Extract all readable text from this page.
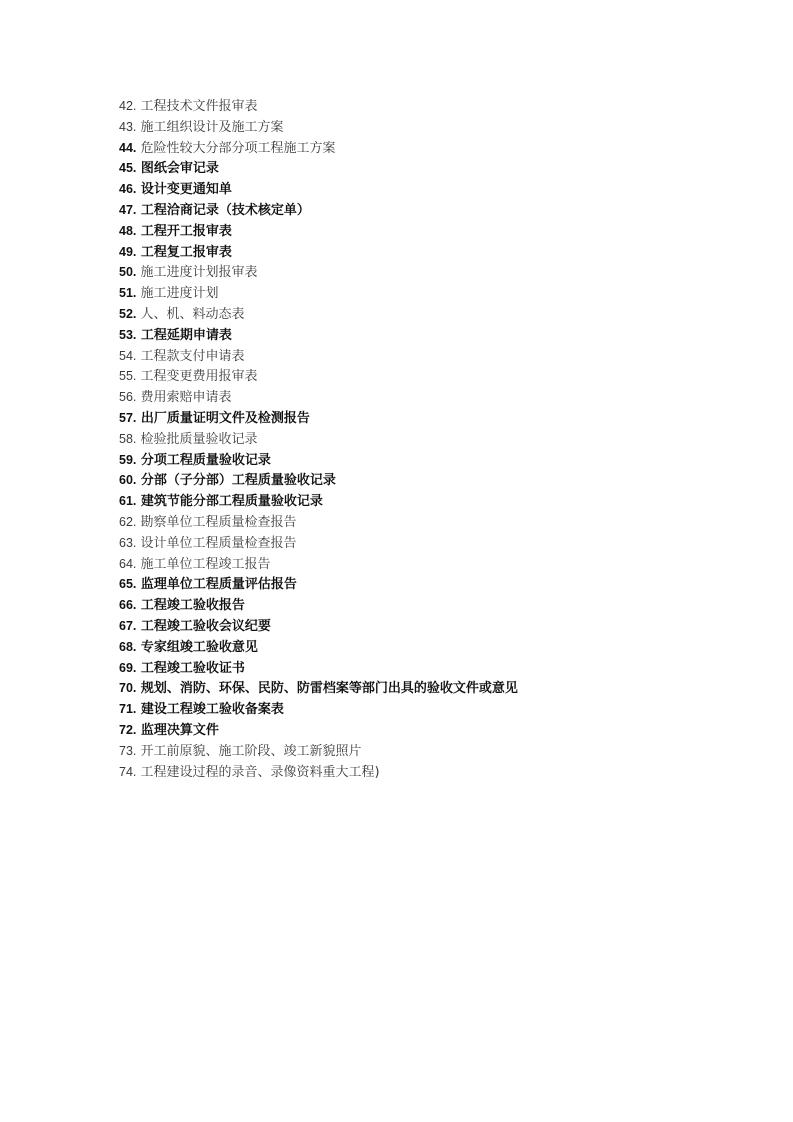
42. 工程技术文件报审表
43. 施工组织设计及施工方案
44. 危险性较大分部分项工程施工方案
45. 图纸会审记录
46. 设计变更通知单
47. 工程洽商记录（技术核定单）
48. 工程开工报审表
49. 工程复工报审表
50. 施工进度计划报审表
51. 施工进度计划
52. 人、机、料动态表
53. 工程延期申请表
54. 工程款支付申请表
55. 工程变更费用报审表
56. 费用索赔申请表
57. 出厂质量证明文件及检测报告
58. 检验批质量验收记录
59. 分项工程质量验收记录
60. 分部（子分部）工程质量验收记录
61. 建筑节能分部工程质量验收记录
62. 勘察单位工程质量检查报告
63. 设计单位工程质量检查报告
64. 施工单位工程竣工报告
65. 监理单位工程质量评估报告
66. 工程竣工验收报告
67. 工程竣工验收会议纪要
68. 专家组竣工验收意见
69. 工程竣工验收证书
70. 规划、消防、环保、民防、防雷档案等部门出具的验收文件或意见
71. 建设工程竣工验收备案表
72. 监理决算文件
73. 开工前原貌、施工阶段、竣工新貌照片
74. 工程建设过程的录音、录像资料重大工程)
